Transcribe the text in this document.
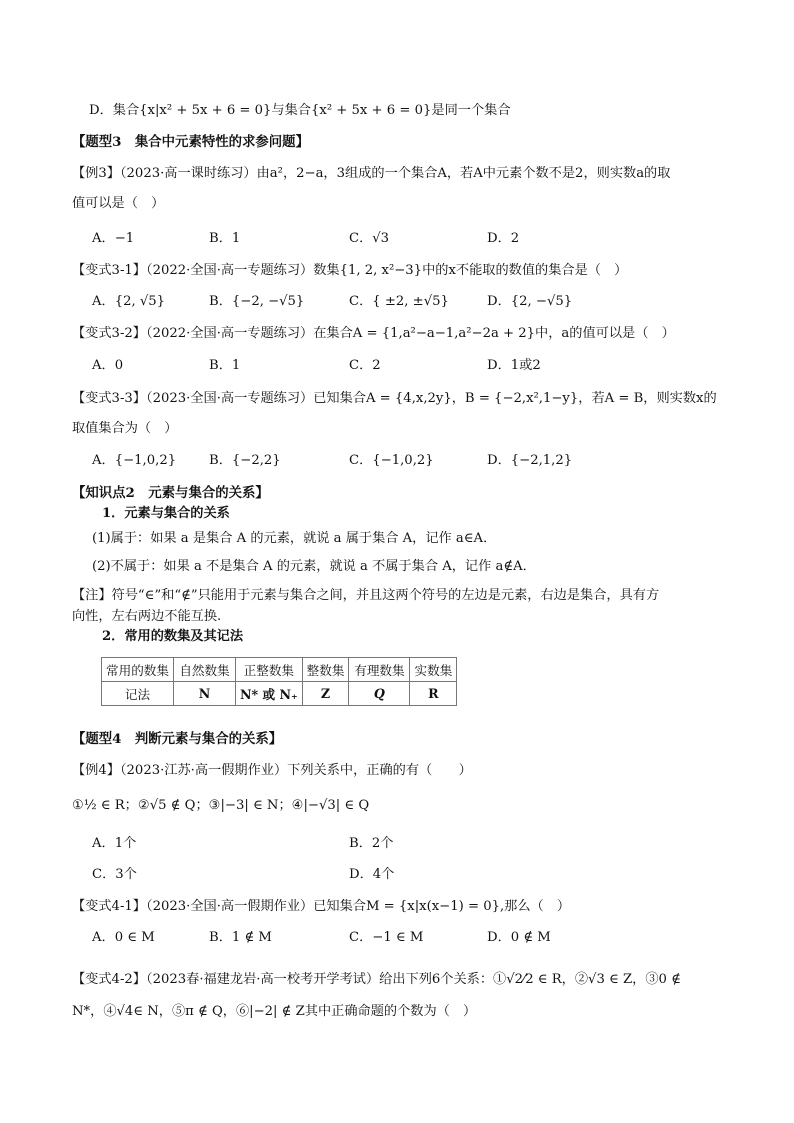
D．集合{x|x² + 5x + 6 = 0}与集合{x² + 5x + 6 = 0}是同一个集合
【题型3　集合中元素特性的求参问题】
【例3】（2023·高一课时练习）由a²，2−a，3组成的一个集合A，若A中元素个数不是2，则实数a的取
值可以是（　）
A．−1	B．1	C．√3	D．2
【变式3-1】（2022·全国·高一专题练习）数集{1, 2, x²−3}中的x不能取的数值的集合是（　）
A．{2, √5}	B．{−2, −√5}	C．{ ±2, ±√5}	D．{2, −√5}
【变式3-2】（2022·全国·高一专题练习）在集合A = {1,a²−a−1,a²−2a + 2}中，a的值可以是（　）
A．0	B．1	C．2	D．1或2
【变式3-3】（2023·全国·高一专题练习）已知集合A = {4,x,2y}，B = {−2,x²,1−y}，若A = B，则实数x的
取值集合为（　）
A．{−1,0,2} B．{−2,2}	C．{−1,0,2}	D．{−2,1,2}
【知识点2　元素与集合的关系】
1．元素与集合的关系
(1)属于：如果 a 是集合 A 的元素，就说 a 属于集合 A，记作 a∈A．
(2)不属于：如果 a 不是集合 A 的元素，就说 a 不属于集合 A，记作 a∉A．
【注】符号“∈”和“∉”只能用于元素与集合之间，并且这两个符号的左边是元素，右边是集合，具有方
向性，左右两边不能互换.
2．常用的数集及其记法
常用的数集	自然数集	正整数集	整数集	有理数集	实数集
记法	N	N* 或 N₊	Z	Q	R
【题型4　判断元素与集合的关系】
【例4】（2023·江苏·高一假期作业）下列关系中，正确的有（　　）
①½ ∈ R；②√5 ∉ Q；③|−3| ∈ N；④|−√3| ∈ Q
A．1个	B．2个
C．3个	D．4个
【变式4-1】（2023·全国·高一假期作业）已知集合M = {x|x(x−1) = 0},那么（　）
A．0 ∈ M	B．1 ∉ M	C．−1 ∈ M	D．0 ∉ M
【变式4-2】（2023春·福建龙岩·高一校考开学考试）给出下列6个关系：①√2⁄2 ∈ R，②√3 ∈ Z，③0 ∉
N*，④√4∈ N，⑤π ∉ Q，⑥|−2| ∉ Z其中正确命题的个数为（　）
